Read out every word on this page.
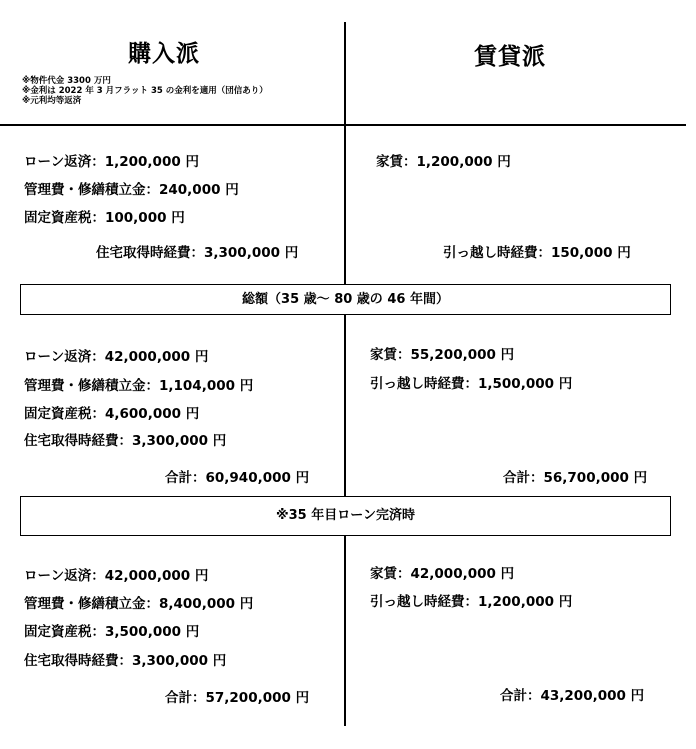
購入派	賃貸派
※物件代金 3300 万円
※金利は 2022 年 3 月フラット 35 の金利を適用（団信あり）
※元利均等返済
ローン返済：1,200,000 円
管理費・修繕積立金：240,000 円
固定資産税：100,000 円
住宅取得時経費：3,300,000 円
家賃：1,200,000 円
引っ越し時経費：150,000 円
総額（35 歳～ 80 歳の 46 年間）
ローン返済：42,000,000 円
管理費・修繕積立金：1,104,000 円
固定資産税：4,600,000 円
住宅取得時経費：3,300,000 円
合計：60,940,000 円
家賃：55,200,000 円
引っ越し時経費：1,500,000 円
合計：56,700,000 円
※35 年目ローン完済時
ローン返済：42,000,000 円
管理費・修繕積立金：8,400,000 円
固定資産税：3,500,000 円
住宅取得時経費：3,300,000 円
合計：57,200,000 円
家賃：42,000,000 円
引っ越し時経費：1,200,000 円
合計：43,200,000 円
